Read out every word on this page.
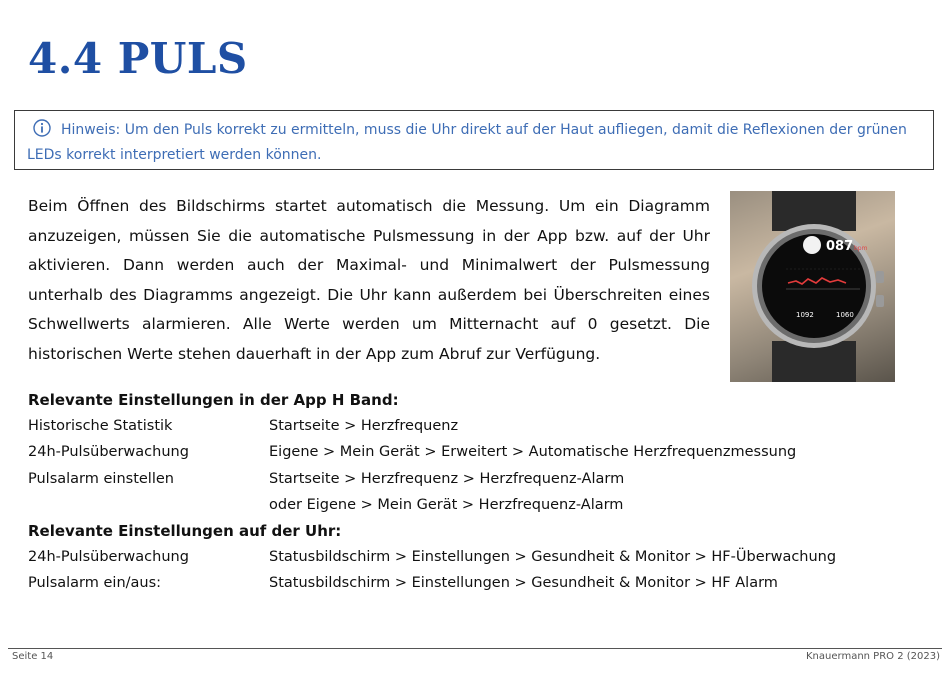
4.4 PULS
Hinweis: Um den Puls korrekt zu ermitteln, muss die Uhr direkt auf der Haut aufliegen, damit die Reflexionen der grünen LEDs korrekt interpretiert werden können.

Beim Öffnen des Bildschirms startet automatisch die Messung. Um ein Diagramm anzuzeigen, müssen Sie die automatische Pulsmessung in der App bzw. auf der Uhr aktivieren. Dann werden auch der Maximal- und Minimalwert der Pulsmessung unterhalb des Diagramms angezeigt. Die Uhr kann außerdem bei Überschreiten eines Schwellwerts alarmieren. Alle Werte werden um Mitternacht auf 0 gesetzt. Die historischen Werte stehen dauerhaft in der App zum Abruf zur Verfügung.

087 bpm
1092	1060
Relevante Einstellungen in der App H Band:
Historische Statistik	Startseite > Herzfrequenz
24h-Pulsüberwachung	Eigene > Mein Gerät > Erweitert > Automatische Herzfrequenzmessung
Pulsalarm einstellen	Startseite > Herzfrequenz > Herzfrequenz-Alarm
oder Eigene > Mein Gerät > Herzfrequenz-Alarm
Relevante Einstellungen auf der Uhr:
24h-Pulsüberwachung	Statusbildschirm > Einstellungen > Gesundheit & Monitor > HF-Überwachung
Pulsalarm ein/aus:	Statusbildschirm > Einstellungen > Gesundheit & Monitor > HF Alarm
Seite 14	Knauermann PRO 2 (2023)
